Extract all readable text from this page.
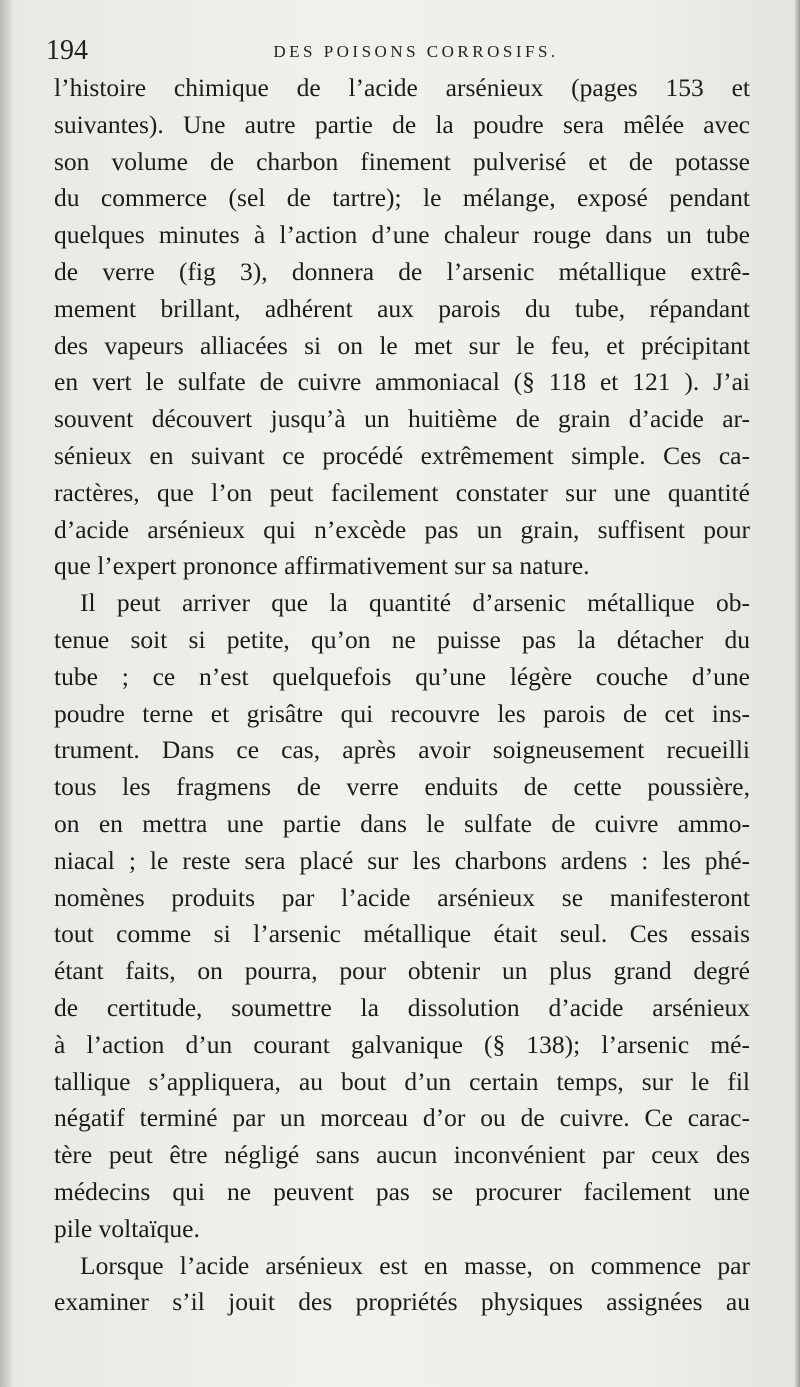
194	DES POISONS CORROSIFS.
l’histoire chimique de l’acide arsénieux (pages 153 et
suivantes). Une autre partie de la poudre sera mêlée avec
son volume de charbon finement pulverisé et de potasse
du commerce (sel de tartre); le mélange, exposé pendant
quelques minutes à l’action d’une chaleur rouge dans un tube
de verre (fig 3), donnera de l’arsenic métallique extrê-
mement brillant, adhérent aux parois du tube, répandant
des vapeurs alliacées si on le met sur le feu, et précipitant
en vert le sulfate de cuivre ammoniacal (§ 118 et 121 ). J’ai
souvent découvert jusqu’à un huitième de grain d’acide ar-
sénieux en suivant ce procédé extrêmement simple. Ces ca-
ractères, que l’on peut facilement constater sur une quantité
d’acide arsénieux qui n’excède pas un grain, suffisent pour
que l’expert prononce affirmativement sur sa nature.
Il peut arriver que la quantité d’arsenic métallique ob-
tenue soit si petite, qu’on ne puisse pas la détacher du
tube ; ce n’est quelquefois qu’une légère couche d’une
poudre terne et grisâtre qui recouvre les parois de cet ins-
trument. Dans ce cas, après avoir soigneusement recueilli
tous les fragmens de verre enduits de cette poussière,
on en mettra une partie dans le sulfate de cuivre ammo-
niacal ; le reste sera placé sur les charbons ardens : les phé-
nomènes produits par l’acide arsénieux se manifesteront
tout comme si l’arsenic métallique était seul. Ces essais
étant faits, on pourra, pour obtenir un plus grand degré
de certitude, soumettre la dissolution d’acide arsénieux
à l’action d’un courant galvanique (§ 138); l’arsenic mé-
tallique s’appliquera, au bout d’un certain temps, sur le fil
négatif terminé par un morceau d’or ou de cuivre. Ce carac-
tère peut être négligé sans aucun inconvénient par ceux des
médecins qui ne peuvent pas se procurer facilement une
pile voltaïque.
Lorsque l’acide arsénieux est en masse, on commence par
examiner s’il jouit des propriétés physiques assignées au
